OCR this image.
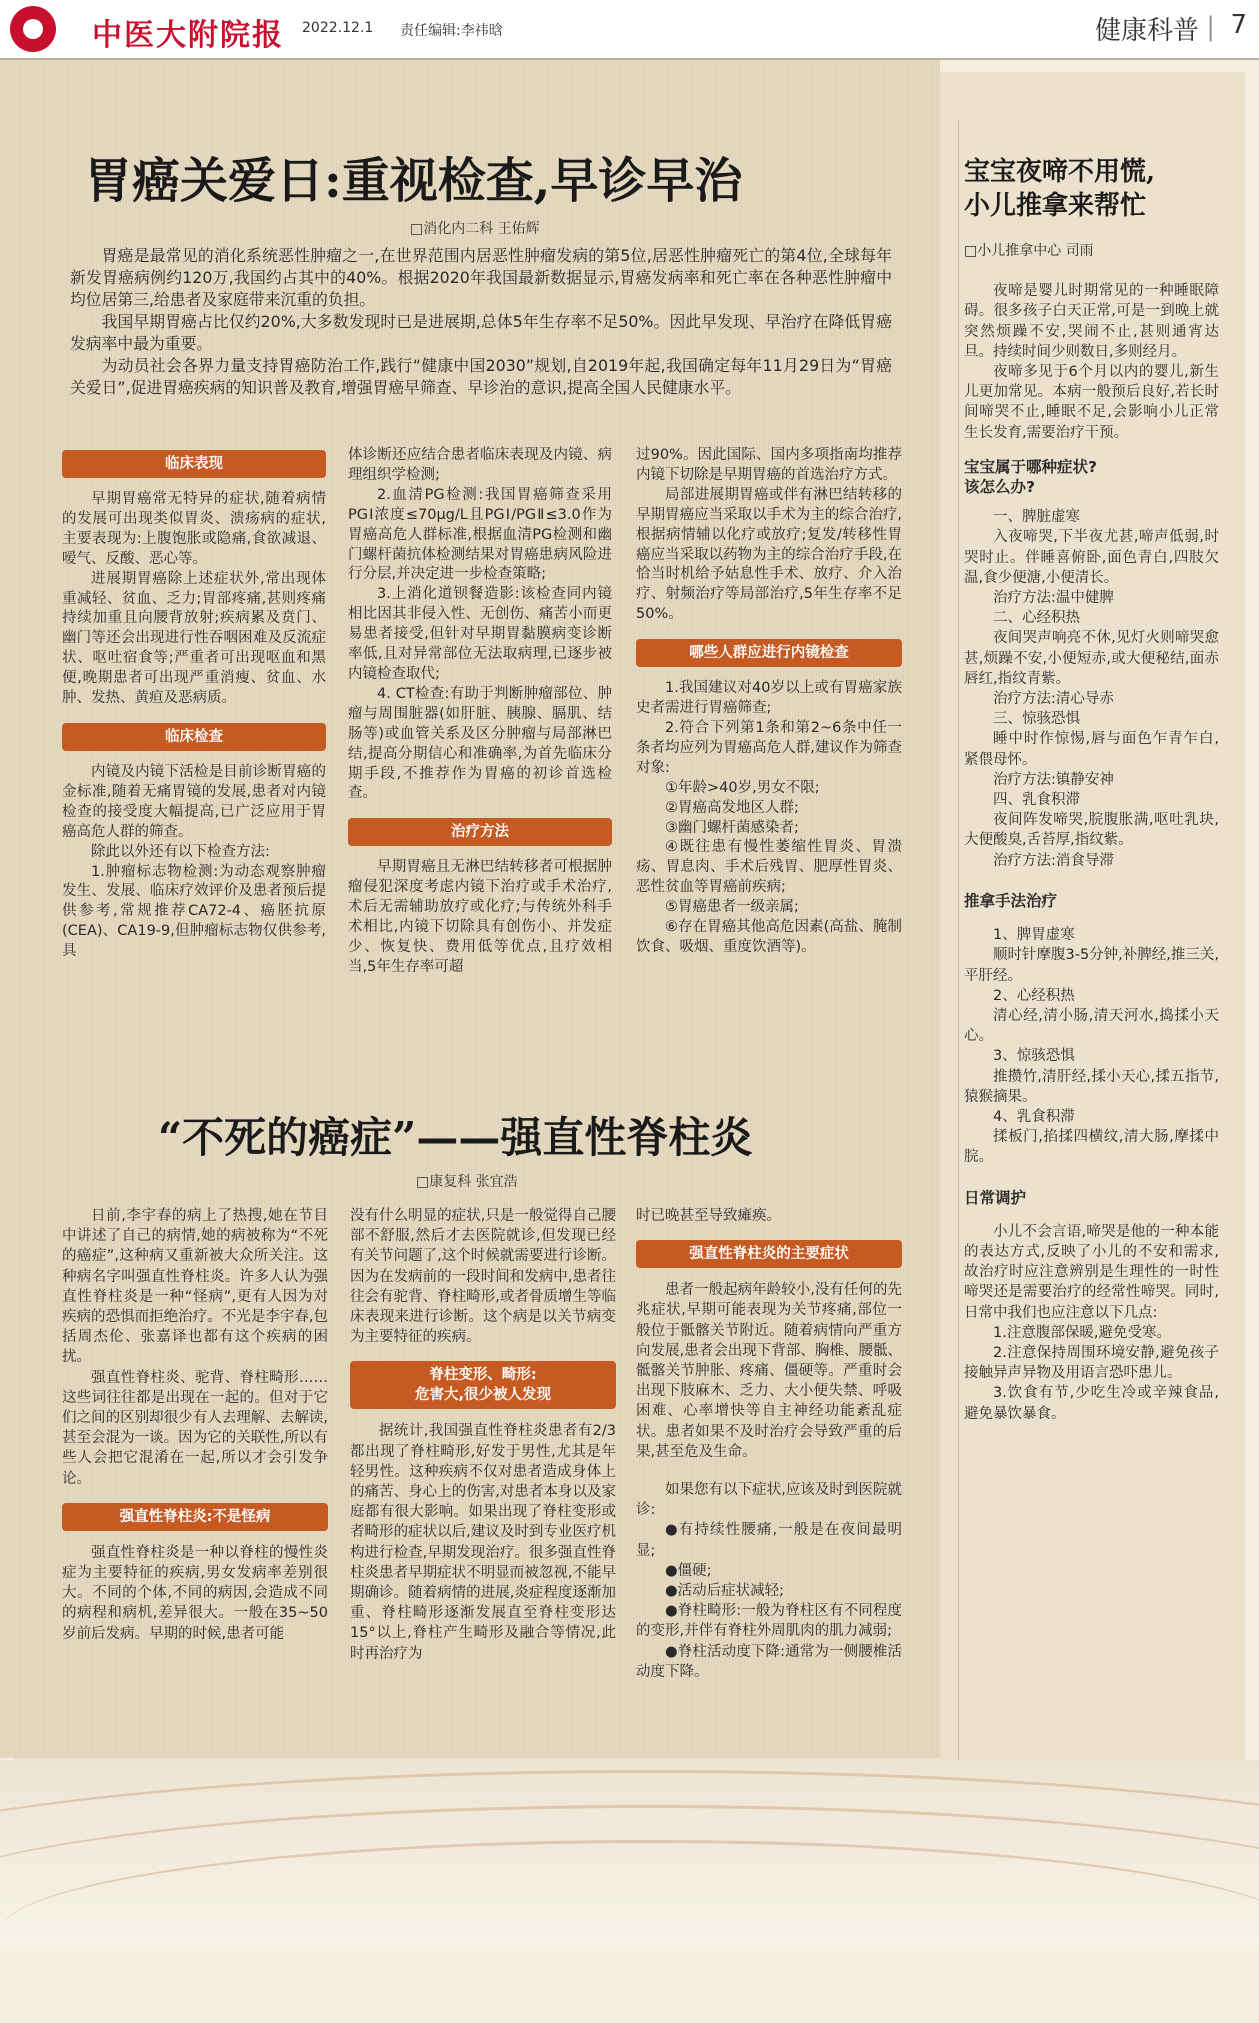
中医大附院报 2022.12.1 责任编辑:李祎晗	健康科普 | 7
胃癌关爱日:重视检查,早诊早治
□消化内二科 王佑辉

胃癌是最常见的消化系统恶性肿瘤之一,在世界范围内居恶性肿瘤发病的第5位,居恶性肿瘤死亡的第4位,全球每年新发胃癌病例约120万,我国约占其中的40%。根据2020年我国最新数据显示,胃癌发病率和死亡率在各种恶性肿瘤中均位居第三,给患者及家庭带来沉重的负担。

我国早期胃癌占比仅约20%,大多数发现时已是进展期,总体5年生存率不足50%。因此早发现、早治疗在降低胃癌发病率中最为重要。

为动员社会各界力量支持胃癌防治工作,践行“健康中国2030”规划,自2019年起,我国确定每年11月29日为“胃癌关爱日”,促进胃癌疾病的知识普及教育,增强胃癌早筛查、早诊治的意识,提高全国人民健康水平。

临床表现

早期胃癌常无特异的症状,随着病情的发展可出现类似胃炎、溃疡病的症状,主要表现为:上腹饱胀或隐痛,食欲减退、嗳气、反酸、恶心等。

进展期胃癌除上述症状外,常出现体重减轻、贫血、乏力;胃部疼痛,甚则疼痛持续加重且向腰背放射;疾病累及贲门、幽门等还会出现进行性吞咽困难及反流症状、呕吐宿食等;严重者可出现呕血和黑便,晚期患者可出现严重消瘦、贫血、水肿、发热、黄疸及恶病质。

临床检查

内镜及内镜下活检是目前诊断胃癌的金标准,随着无痛胃镜的发展,患者对内镜检查的接受度大幅提高,已广泛应用于胃癌高危人群的筛查。

除此以外还有以下检查方法:

1.肿瘤标志物检测:为动态观察肿瘤发生、发展、临床疗效评价及患者预后提供参考,常规推荐CA72-4、癌胚抗原(CEA)、CA19-9,但肿瘤标志物仅供参考,具

体诊断还应结合患者临床表现及内镜、病理组织学检测;

2.血清PG检测:我国胃癌筛查采用PGⅠ浓度≤70μg/L且PGⅠ/PGⅡ≤3.0作为胃癌高危人群标准,根据血清PG检测和幽门螺杆菌抗体检测结果对胃癌患病风险进行分层,并决定进一步检查策略;

3.上消化道钡餐造影:该检查同内镜相比因其非侵入性、无创伤、痛苦小而更易患者接受,但针对早期胃黏膜病变诊断率低,且对异常部位无法取病理,已逐步被内镜检查取代;

4. CT检查:有助于判断肿瘤部位、肿瘤与周围脏器(如肝脏、胰腺、膈肌、结肠等)或血管关系及区分肿瘤与局部淋巴结,提高分期信心和准确率,为首先临床分期手段,不推荐作为胃癌的初诊首选检查。

治疗方法

早期胃癌且无淋巴结转移者可根据肿瘤侵犯深度考虑内镜下治疗或手术治疗,术后无需辅助放疗或化疗;与传统外科手术相比,内镜下切除具有创伤小、并发症少、恢复快、费用低等优点,且疗效相当,5年生存率可超

过90%。因此国际、国内多项指南均推荐内镜下切除是早期胃癌的首选治疗方式。

局部进展期胃癌或伴有淋巴结转移的早期胃癌应当采取以手术为主的综合治疗,根据病情辅以化疗或放疗;复发/转移性胃癌应当采取以药物为主的综合治疗手段,在恰当时机给予姑息性手术、放疗、介入治疗、射频治疗等局部治疗,5年生存率不足50%。

哪些人群应进行内镜检查

1.我国建议对40岁以上或有胃癌家族史者需进行胃癌筛查;

2.符合下列第1条和第2~6条中任一条者均应列为胃癌高危人群,建议作为筛查对象:

①年龄>40岁,男女不限;

②胃癌高发地区人群;

③幽门螺杆菌感染者;

④既往患有慢性萎缩性胃炎、胃溃疡、胃息肉、手术后残胃、肥厚性胃炎、恶性贫血等胃癌前疾病;

⑤胃癌患者一级亲属;

⑥存在胃癌其他高危因素(高盐、腌制饮食、吸烟、重度饮酒等)。

“不死的癌症”——强直性脊柱炎
□康复科 张宜浩

日前,李宇春的病上了热搜,她在节目中讲述了自己的病情,她的病被称为“不死的癌症”,这种病又重新被大众所关注。这种病名字叫强直性脊柱炎。许多人认为强直性脊柱炎是一种“怪病”,更有人因为对疾病的恐惧而拒绝治疗。不光是李宇春,包括周杰伦、张嘉译也都有这个疾病的困扰。

强直性脊柱炎、驼背、脊柱畸形……这些词往往都是出现在一起的。但对于它们之间的区别却很少有人去理解、去解读,甚至会混为一谈。因为它的关联性,所以有些人会把它混淆在一起,所以才会引发争论。

强直性脊柱炎:不是怪病

强直性脊柱炎是一种以脊柱的慢性炎症为主要特征的疾病,男女发病率差别很大。不同的个体,不同的病因,会造成不同的病程和病机,差异很大。一般在35~50岁前后发病。早期的时候,患者可能

没有什么明显的症状,只是一般觉得自己腰部不舒服,然后才去医院就诊,但发现已经有关节问题了,这个时候就需要进行诊断。因为在发病前的一段时间和发病中,患者往往会有驼背、脊柱畸形,或者骨质增生等临床表现来进行诊断。这个病是以关节病变为主要特征的疾病。

脊柱变形、畸形:
危害大,很少被人发现

据统计,我国强直性脊柱炎患者有2/3都出现了脊柱畸形,好发于男性,尤其是年轻男性。这种疾病不仅对患者造成身体上的痛苦、身心上的伤害,对患者本身以及家庭都有很大影响。如果出现了脊柱变形或者畸形的症状以后,建议及时到专业医疗机构进行检查,早期发现治疗。很多强直性脊柱炎患者早期症状不明显而被忽视,不能早期确诊。随着病情的进展,炎症程度逐渐加重、脊柱畸形逐渐发展直至脊柱变形达15°以上,脊柱产生畸形及融合等情况,此时再治疗为

时已晚甚至导致瘫痪。

强直性脊柱炎的主要症状

患者一般起病年龄较小,没有任何的先兆症状,早期可能表现为关节疼痛,部位一般位于骶髂关节附近。随着病情向严重方向发展,患者会出现下背部、胸椎、腰骶、骶髂关节肿胀、疼痛、僵硬等。严重时会出现下肢麻木、乏力、大小便失禁、呼吸困难、心率增快等自主神经功能紊乱症状。患者如果不及时治疗会导致严重的后果,甚至危及生命。

如果您有以下症状,应该及时到医院就诊:

●有持续性腰痛,一般是在夜间最明显;

●僵硬;

●活动后症状减轻;

●脊柱畸形:一般为脊柱区有不同程度的变形,并伴有脊柱外周肌肉的肌力减弱;

●脊柱活动度下降:通常为一侧腰椎活动度下降。

宝宝夜啼不用慌,
小儿推拿来帮忙
□小儿推拿中心 司雨

夜啼是婴儿时期常见的一种睡眠障碍。很多孩子白天正常,可是一到晚上就突然烦躁不安,哭闹不止,甚则通宵达旦。持续时间少则数日,多则经月。

夜啼多见于6个月以内的婴儿,新生儿更加常见。本病一般预后良好,若长时间啼哭不止,睡眠不足,会影响小儿正常生长发育,需要治疗干预。

宝宝属于哪种症状?
该怎么办?

一、脾脏虚寒

入夜啼哭,下半夜尤甚,啼声低弱,时哭时止。伴睡喜俯卧,面色青白,四肢欠温,食少便溏,小便清长。

治疗方法:温中健脾

二、心经积热

夜间哭声响亮不休,见灯火则啼哭愈甚,烦躁不安,小便短赤,或大便秘结,面赤唇红,指纹青紫。

治疗方法:清心导赤

三、惊骇恐惧

睡中时作惊惕,唇与面色乍青乍白,紧偎母怀。

治疗方法:镇静安神

四、乳食积滞

夜间阵发啼哭,脘腹胀满,呕吐乳块,大便酸臭,舌苔厚,指纹紫。

治疗方法:消食导滞

推拿手法治疗

1、脾胃虚寒

顺时针摩腹3-5分钟,补脾经,推三关,平肝经。

2、心经积热

清心经,清小肠,清天河水,捣揉小天心。

3、惊骇恐惧

推攒竹,清肝经,揉小天心,揉五指节,猿猴摘果。

4、乳食积滞

揉板门,掐揉四横纹,清大肠,摩揉中脘。

日常调护

小儿不会言语,啼哭是他的一种本能的表达方式,反映了小儿的不安和需求,故治疗时应注意辨别是生理性的一时性啼哭还是需要治疗的经常性啼哭。同时,日常中我们也应注意以下几点:

1.注意腹部保暖,避免受寒。

2.注意保持周围环境安静,避免孩子接触异声异物及用语言恐吓患儿。

3.饮食有节,少吃生冷或辛辣食品,避免暴饮暴食。
